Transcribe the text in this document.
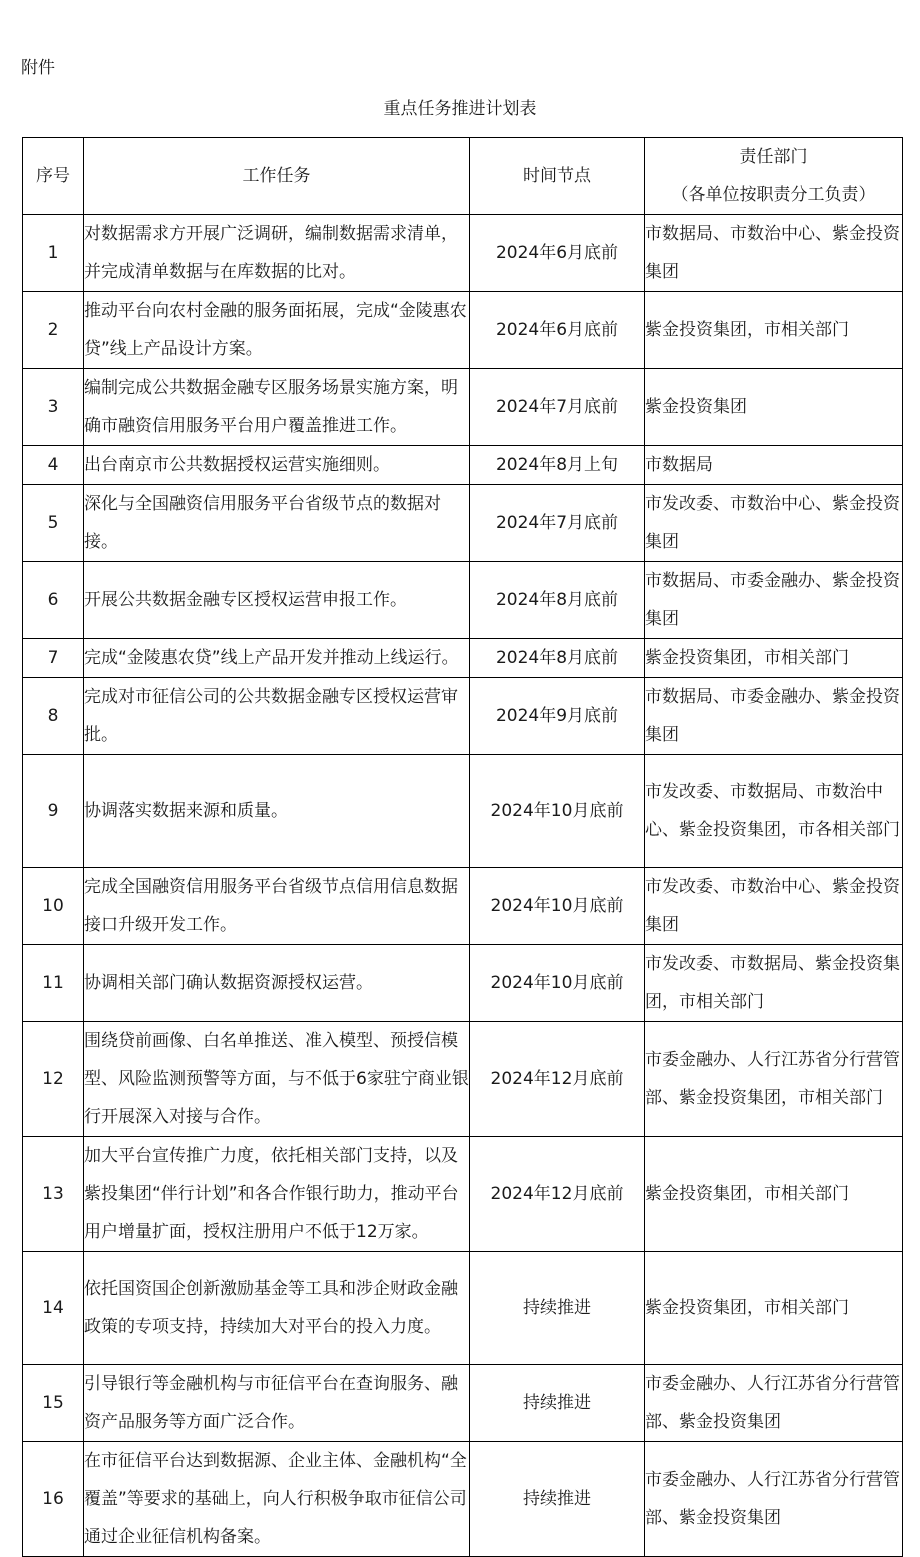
附件
重点任务推进计划表
序号	工作任务	时间节点	责任部门
（各单位按职责分工负责）

1	对数据需求方开展广泛调研，编制数据需求清单，并完成清单数据与在库数据的比对。	2024年6月底前	市数据局、市数治中心、紫金投资集团
2	推动平台向农村金融的服务面拓展，完成“金陵惠农贷”线上产品设计方案。	2024年6月底前	紫金投资集团，市相关部门
3	编制完成公共数据金融专区服务场景实施方案，明确市融资信用服务平台用户覆盖推进工作。	2024年7月底前	紫金投资集团
4	出台南京市公共数据授权运营实施细则。	2024年8月上旬	市数据局
5	深化与全国融资信用服务平台省级节点的数据对接。	2024年7月底前	市发改委、市数治中心、紫金投资集团
6	开展公共数据金融专区授权运营申报工作。	2024年8月底前	市数据局、市委金融办、紫金投资集团
7	完成“金陵惠农贷”线上产品开发并推动上线运行。	2024年8月底前	紫金投资集团，市相关部门
8	完成对市征信公司的公共数据金融专区授权运营审批。	2024年9月底前	市数据局、市委金融办、紫金投资集团
9	协调落实数据来源和质量。	2024年10月底前	市发改委、市数据局、市数治中心、紫金投资集团，市各相关部门
10	完成全国融资信用服务平台省级节点信用信息数据接口升级开发工作。	2024年10月底前	市发改委、市数治中心、紫金投资集团
11	协调相关部门确认数据资源授权运营。	2024年10月底前	市发改委、市数据局、紫金投资集团，市相关部门
12	围绕贷前画像、白名单推送、准入模型、预授信模型、风险监测预警等方面，与不低于6家驻宁商业银行开展深入对接与合作。	2024年12月底前	市委金融办、人行江苏省分行营管部、紫金投资集团，市相关部门
13	加大平台宣传推广力度，依托相关部门支持，以及紫投集团“伴行计划”和各合作银行助力，推动平台用户增量扩面，授权注册用户不低于12万家。	2024年12月底前	紫金投资集团，市相关部门
14	依托国资国企创新激励基金等工具和涉企财政金融政策的专项支持，持续加大对平台的投入力度。	持续推进	紫金投资集团，市相关部门
15	引导银行等金融机构与市征信平台在查询服务、融资产品服务等方面广泛合作。	持续推进	市委金融办、人行江苏省分行营管部、紫金投资集团
16	在市征信平台达到数据源、企业主体、金融机构“全覆盖”等要求的基础上，向人行积极争取市征信公司通过企业征信机构备案。	持续推进	市委金融办、人行江苏省分行营管部、紫金投资集团
